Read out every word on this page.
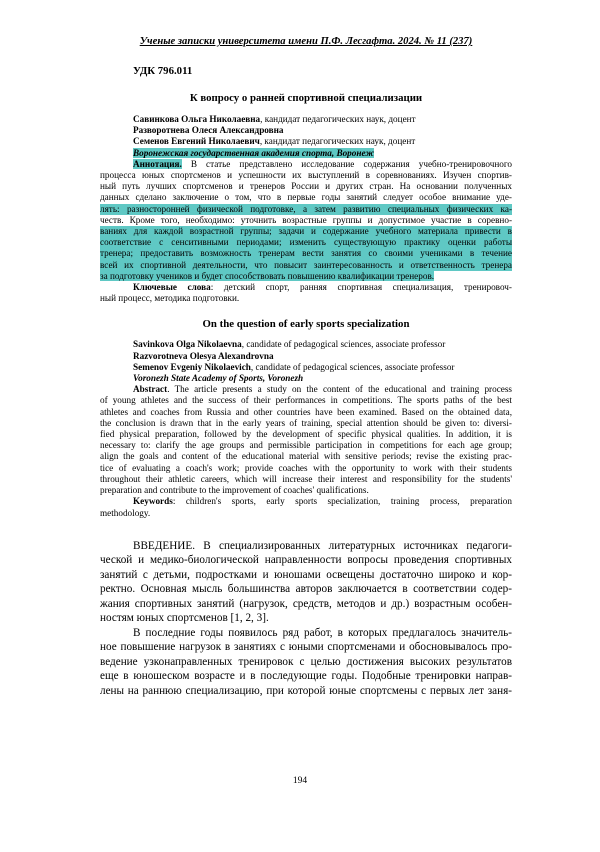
Ученые записки университета имени П.Ф. Лесгафта. 2024. № 11 (237)
УДК 796.011
К вопросу о ранней спортивной специализации
Савинкова Ольга Николаевна, кандидат педагогических наук, доцент
Разворотнева Олеся Александровна
Семенов Евгений Николаевич, кандидат педагогических наук, доцент
Воронежская государственная академия спорта, Воронеж
Аннотация. В статье представлено исследование содержания учебно-тренировочного
процесса юных спортсменов и успешности их выступлений в соревнованиях. Изучен спортив-
ный путь лучших спортсменов и тренеров России и других стран. На основании полученных
данных сделано заключение о том, что в первые годы занятий следует особое внимание уде-
лять: разносторонней физической подготовке, а затем развитию специальных физических ка-
честв. Кроме того, необходимо: уточнить возрастные группы и допустимое участие в соревно-
ваниях для каждой возрастной группы; задачи и содержание учебного материала привести в
соответствие с сенситивными периодами; изменить существующую практику оценки работы
тренера; предоставить возможность тренерам вести занятия со своими учениками в течение
всей их спортивной деятельности, что повысит заинтересованность и ответственность тренера
за подготовку учеников и будет способствовать повышению квалификации тренеров.
Ключевые слова: детский спорт, ранняя спортивная специализация, тренировоч-
ный процесс, методика подготовки.
On the question of early sports specialization
Savinkova Olga Nikolaevna, candidate of pedagogical sciences, associate professor
Razvorotneva Olesya Alexandrovna
Semenov Evgeniy Nikolaevich, candidate of pedagogical sciences, associate professor
Voronezh State Academy of Sports, Voronezh
Abstract. The article presents a study on the content of the educational and training process
of young athletes and the success of their performances in competitions. The sports paths of the best
athletes and coaches from Russia and other countries have been examined. Based on the obtained data,
the conclusion is drawn that in the early years of training, special attention should be given to: diversi-
fied physical preparation, followed by the development of specific physical qualities. In addition, it is
necessary to: clarify the age groups and permissible participation in competitions for each age group;
align the goals and content of the educational material with sensitive periods; revise the existing prac-
tice of evaluating a coach's work; provide coaches with the opportunity to work with their students
throughout their athletic careers, which will increase their interest and responsibility for the students'
preparation and contribute to the improvement of coaches' qualifications.
Keywords: children's sports, early sports specialization, training process, preparation
methodology.
ВВЕДЕНИЕ. В специализированных литературных источниках педагоги-
ческой и медико-биологической направленности вопросы проведения спортивных
занятий с детьми, подростками и юношами освещены достаточно широко и кор-
ректно. Основная мысль большинства авторов заключается в соответствии содер-
жания спортивных занятий (нагрузок, средств, методов и др.) возрастным особен-
ностям юных спортсменов [1, 2, 3].
В последние годы появилось ряд работ, в которых предлагалось значитель-
ное повышение нагрузок в занятиях с юными спортсменами и обосновывалось про-
ведение узконаправленных тренировок с целью достижения высоких результатов
еще в юношеском возрасте и в последующие годы. Подобные тренировки направ-
лены на раннюю специализацию, при которой юные спортсмены с первых лет заня-
194
